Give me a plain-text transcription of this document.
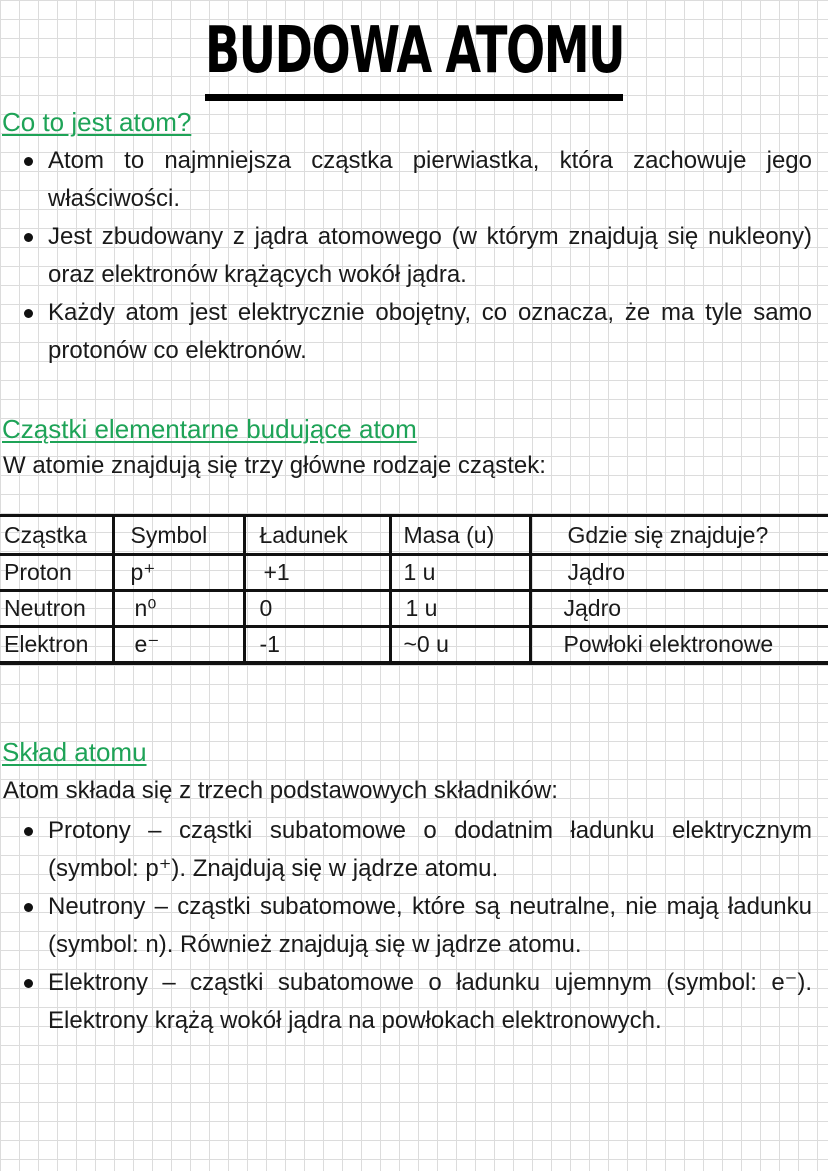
BUDOWA ATOMU
Co to jest atom?
Atom to najmniejsza cząstka pierwiastka, która zachowuje jego właściwości.
Jest zbudowany z jądra atomowego (w którym znajdują się nukleony) oraz elektronów krążących wokół jądra.
Każdy atom jest elektrycznie obojętny, co oznacza, że ma tyle samo protonów co elektronów.
Cząstki elementarne budujące atom
W atomie znajdują się trzy główne rodzaje cząstek:
Cząstka	Symbol	Ładunek	Masa (u)	Gdzie się znajduje?
Proton	p⁺	+1	1 u	Jądro
Neutron	n⁰	0	1 u	Jądro
Elektron	e⁻	-1	~0 u	Powłoki elektronowe
Skład atomu
Atom składa się z trzech podstawowych składników:
Protony – cząstki subatomowe o dodatnim ładunku elektrycznym (symbol: p⁺). Znajdują się w jądrze atomu.
Neutrony – cząstki subatomowe, które są neutralne, nie mają ładunku (symbol: n). Również znajdują się w jądrze atomu.
Elektrony – cząstki subatomowe o ładunku ujemnym (symbol: e⁻). Elektrony krążą wokół jądra na powłokach elektronowych.
